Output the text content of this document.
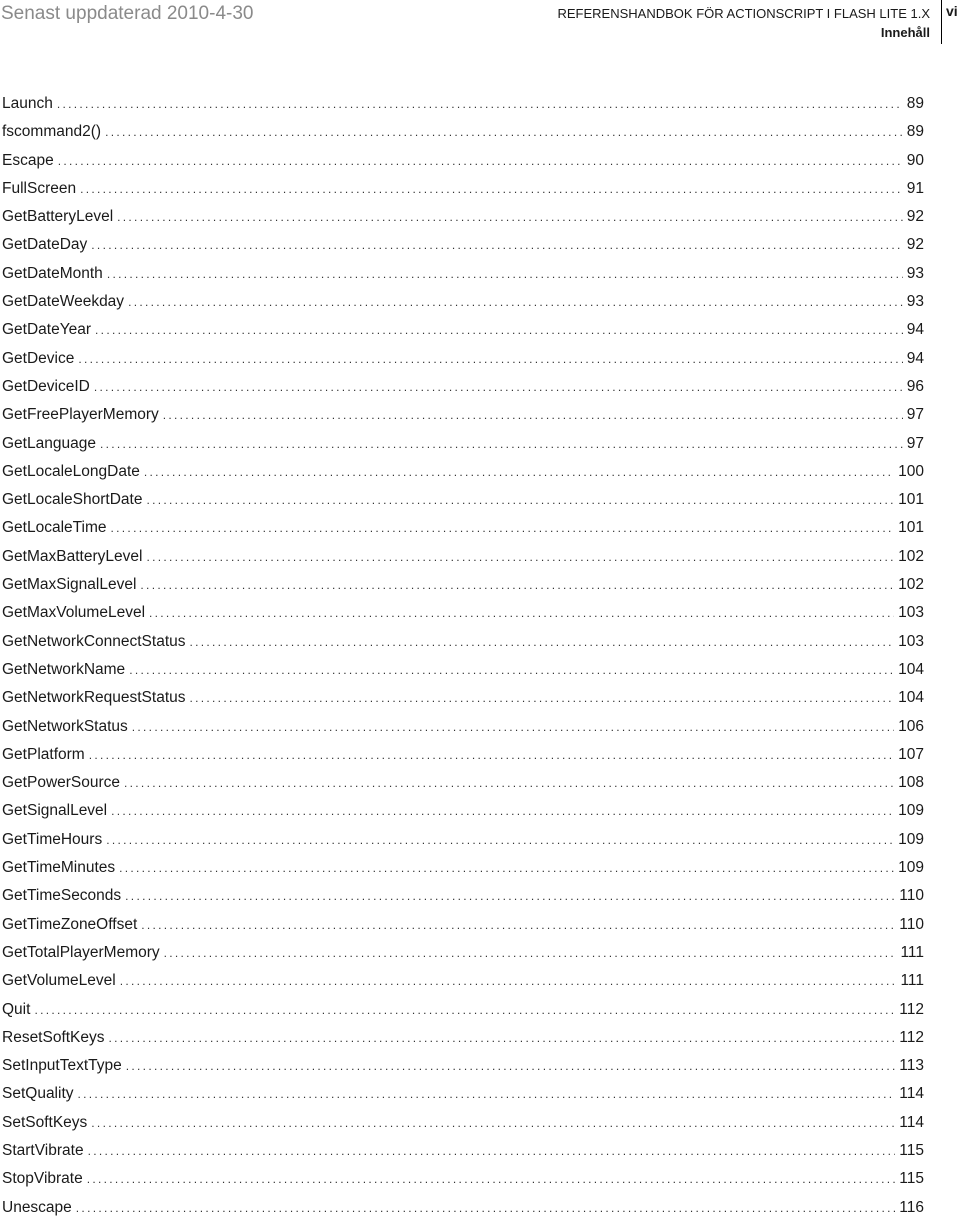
Senast uppdaterad 2010-4-30	REFERENSHANDBOK FÖR ACTIONSCRIPT I FLASH LITE 1.X
Innehåll
vi
Launch .....	89
fscommand2() .....	89
Escape .....	90
FullScreen .....	91
GetBatteryLevel .....	92
GetDateDay .....	92
GetDateMonth .....	93
GetDateWeekday .....	93
GetDateYear .....	94
GetDevice .....	94
GetDeviceID .....	96
GetFreePlayerMemory .....	97
GetLanguage .....	97
GetLocaleLongDate .....	100
GetLocaleShortDate .....	101
GetLocaleTime .....	101
GetMaxBatteryLevel .....	102
GetMaxSignalLevel .....	102
GetMaxVolumeLevel .....	103
GetNetworkConnectStatus .....	103
GetNetworkName .....	104
GetNetworkRequestStatus .....	104
GetNetworkStatus .....	106
GetPlatform .....	107
GetPowerSource .....	108
GetSignalLevel .....	109
GetTimeHours .....	109
GetTimeMinutes .....	109
GetTimeSeconds .....	110
GetTimeZoneOffset .....	110
GetTotalPlayerMemory .....	111
GetVolumeLevel .....	111
Quit .....	112
ResetSoftKeys .....	112
SetInputTextType .....	113
SetQuality .....	114
SetSoftKeys .....	114
StartVibrate .....	115
StopVibrate .....	115
Unescape .....	116
